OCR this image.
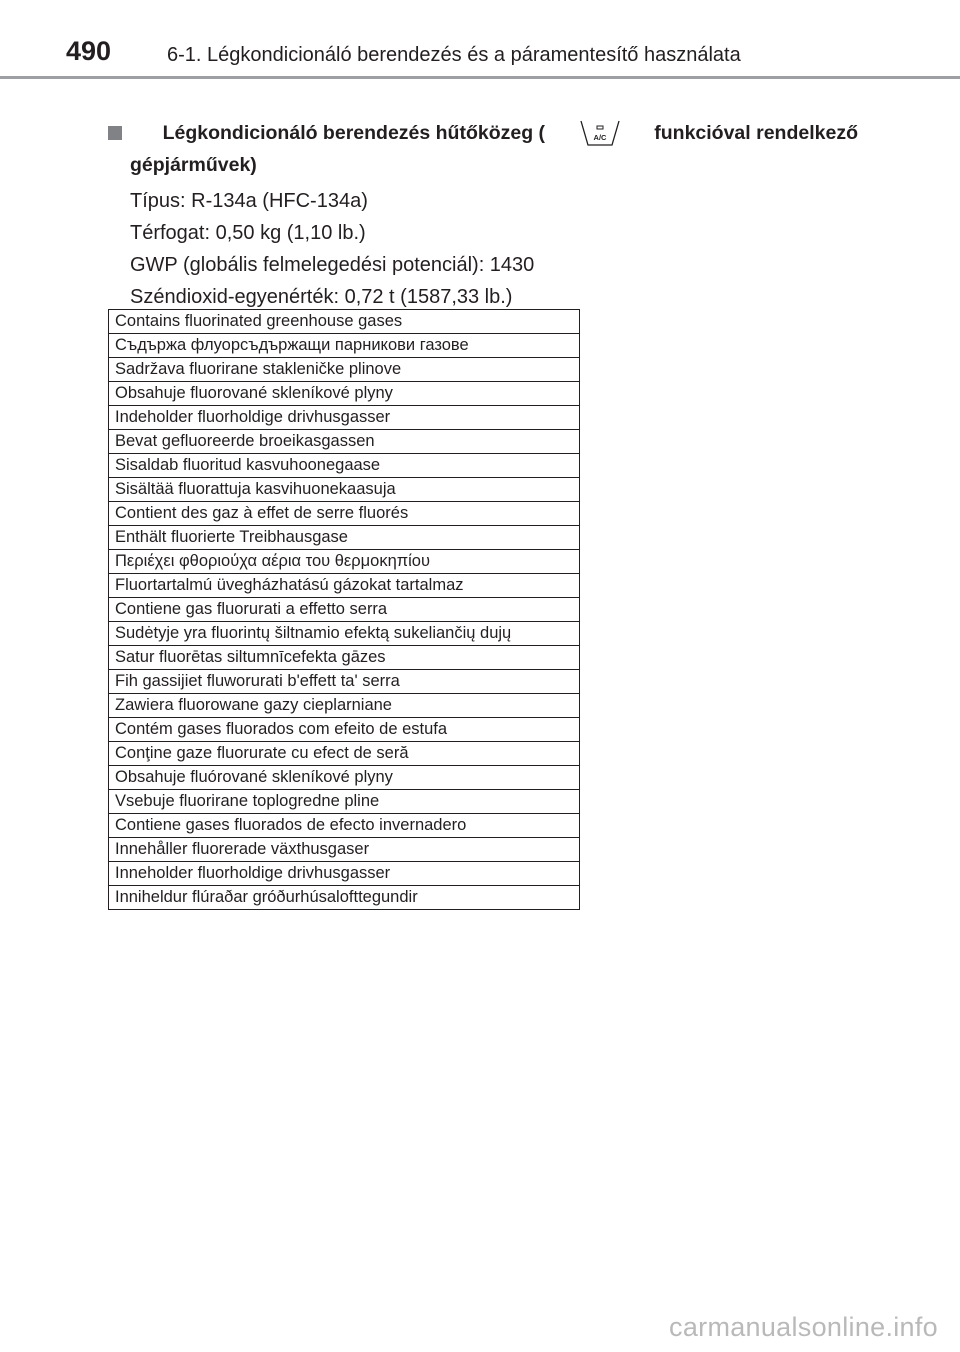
490	6-1. Légkondicionáló berendezés és a páramentesítő használata
Légkondicionáló berendezés hűtőközeg (	A/C funkcióval rendelkező
gépjárművek)
Típus: R-134a (HFC-134a)
Térfogat: 0,50 kg (1,10 lb.)
GWP (globális felmelegedési potenciál): 1430
Széndioxid-egyenérték: 0,72 t (1587,33 lb.)
Contains fluorinated greenhouse gases
Съдържа флуорсъдържащи парникови газове
Sadržava fluorirane stakleničke plinove
Obsahuje fluorované skleníkové plyny
Indeholder fluorholdige drivhusgasser
Bevat gefluoreerde broeikasgassen
Sisaldab fluoritud kasvuhoonegaase
Sisältää fluorattuja kasvihuonekaasuja
Contient des gaz à effet de serre fluorés
Enthält fluorierte Treibhausgase
Περιέχει φθοριούχα αέρια του θερμοκηπίου
Fluortartalmú üvegházhatású gázokat tartalmaz
Contiene gas fluorurati a effetto serra
Sudėtyje yra fluorintų šiltnamio efektą sukeliančių dujų
Satur fluorētas siltumnīcefekta gāzes
Fih gassijiet fluworurati b'effett ta' serra
Zawiera fluorowane gazy cieplarniane
Contém gases fluorados com efeito de estufa
Conţine gaze fluorurate cu efect de seră
Obsahuje fluórované skleníkové plyny
Vsebuje fluorirane toplogredne pline
Contiene gases fluorados de efecto invernadero
Innehåller fluorerade växthusgaser
Inneholder fluorholdige drivhusgasser
Inniheldur flúraðar gróðurhúsalofttegundir
carmanualsonline.info
